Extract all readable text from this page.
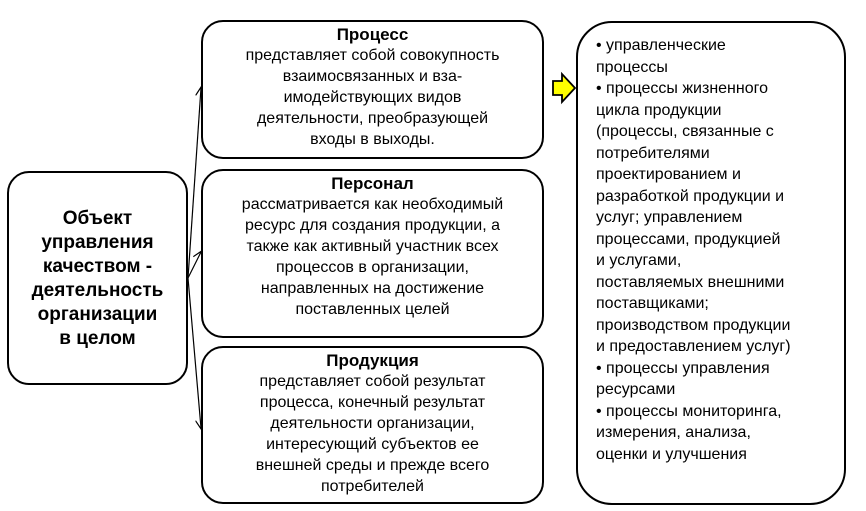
Объект
управления
качеством -
деятельность
организации
в целом
Процесс
представляет собой совокупность
взаимосвязанных и вза-
имодействующих видов
деятельности, преобразующей
входы в выходы.
Персонал
рассматривается как необходимый
ресурс для создания продукции, а
также как активный участник всех
процессов в организации,
направленных на достижение
поставленных целей
Продукция
представляет собой результат
процесса, конечный результат
деятельности организации,
интересующий субъектов ее
внешней среды и прежде всего
потребителей
• управленческие
процессы
• процессы жизненного
цикла продукции
(процессы, связанные с
потребителями
проектированием и
разработкой продукции и
услуг; управлением
процессами, продукцией
и услугами,
поставляемых внешними
поставщиками;
производством продукции
и предоставлением услуг)
• процессы управления
ресурсами
• процессы мониторинга,
измерения, анализа,
оценки и улучшения
